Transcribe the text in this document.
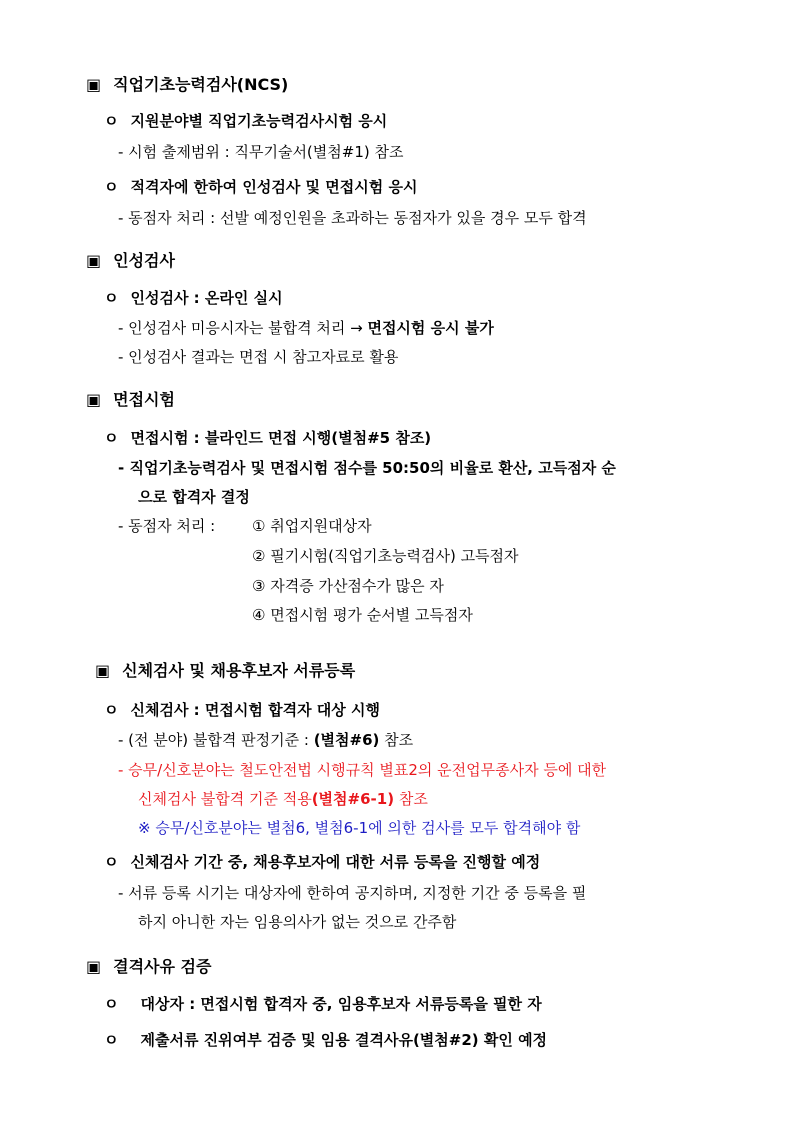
▣ 직업기초능력검사(NCS)
ㅇ 지원분야별 직업기초능력검사시험 응시
- 시험 출제범위 : 직무기술서(별첨#1) 참조
ㅇ 적격자에 한하여 인성검사 및 면접시험 응시
- 동점자 처리 : 선발 예정인원을 초과하는 동점자가 있을 경우 모두 합격
▣ 인성검사
ㅇ 인성검사 : 온라인 실시
- 인성검사 미응시자는 불합격 처리 → 면접시험 응시 불가
- 인성검사 결과는 면접 시 참고자료로 활용
▣ 면접시험
ㅇ 면접시험 : 블라인드 면접 시행(별첨#5 참조)
- 직업기초능력검사 및 면접시험 점수를 50:50의 비율로 환산, 고득점자 순
으로 합격자 결정
- 동점자 처리 : ① 취업지원대상자
② 필기시험(직업기초능력검사) 고득점자
③ 자격증 가산점수가 많은 자
④ 면접시험 평가 순서별 고득점자
▣ 신체검사 및 채용후보자 서류등록
ㅇ 신체검사 : 면접시험 합격자 대상 시행
- (전 분야) 불합격 판정기준 : (별첨#6) 참조
- 승무/신호분야는 철도안전법 시행규칙 별표2의 운전업무종사자 등에 대한
신체검사 불합격 기준 적용(별첨#6-1) 참조
※ 승무/신호분야는 별첨6, 별첨6-1에 의한 검사를 모두 합격해야 함
ㅇ 신체검사 기간 중, 채용후보자에 대한 서류 등록을 진행할 예정
- 서류 등록 시기는 대상자에 한하여 공지하며, 지정한 기간 중 등록을 필
하지 아니한 자는 임용의사가 없는 것으로 간주함
▣ 결격사유 검증
ㅇ 대상자 : 면접시험 합격자 중, 임용후보자 서류등록을 필한 자
ㅇ 제출서류 진위여부 검증 및 임용 결격사유(별첨#2) 확인 예정
